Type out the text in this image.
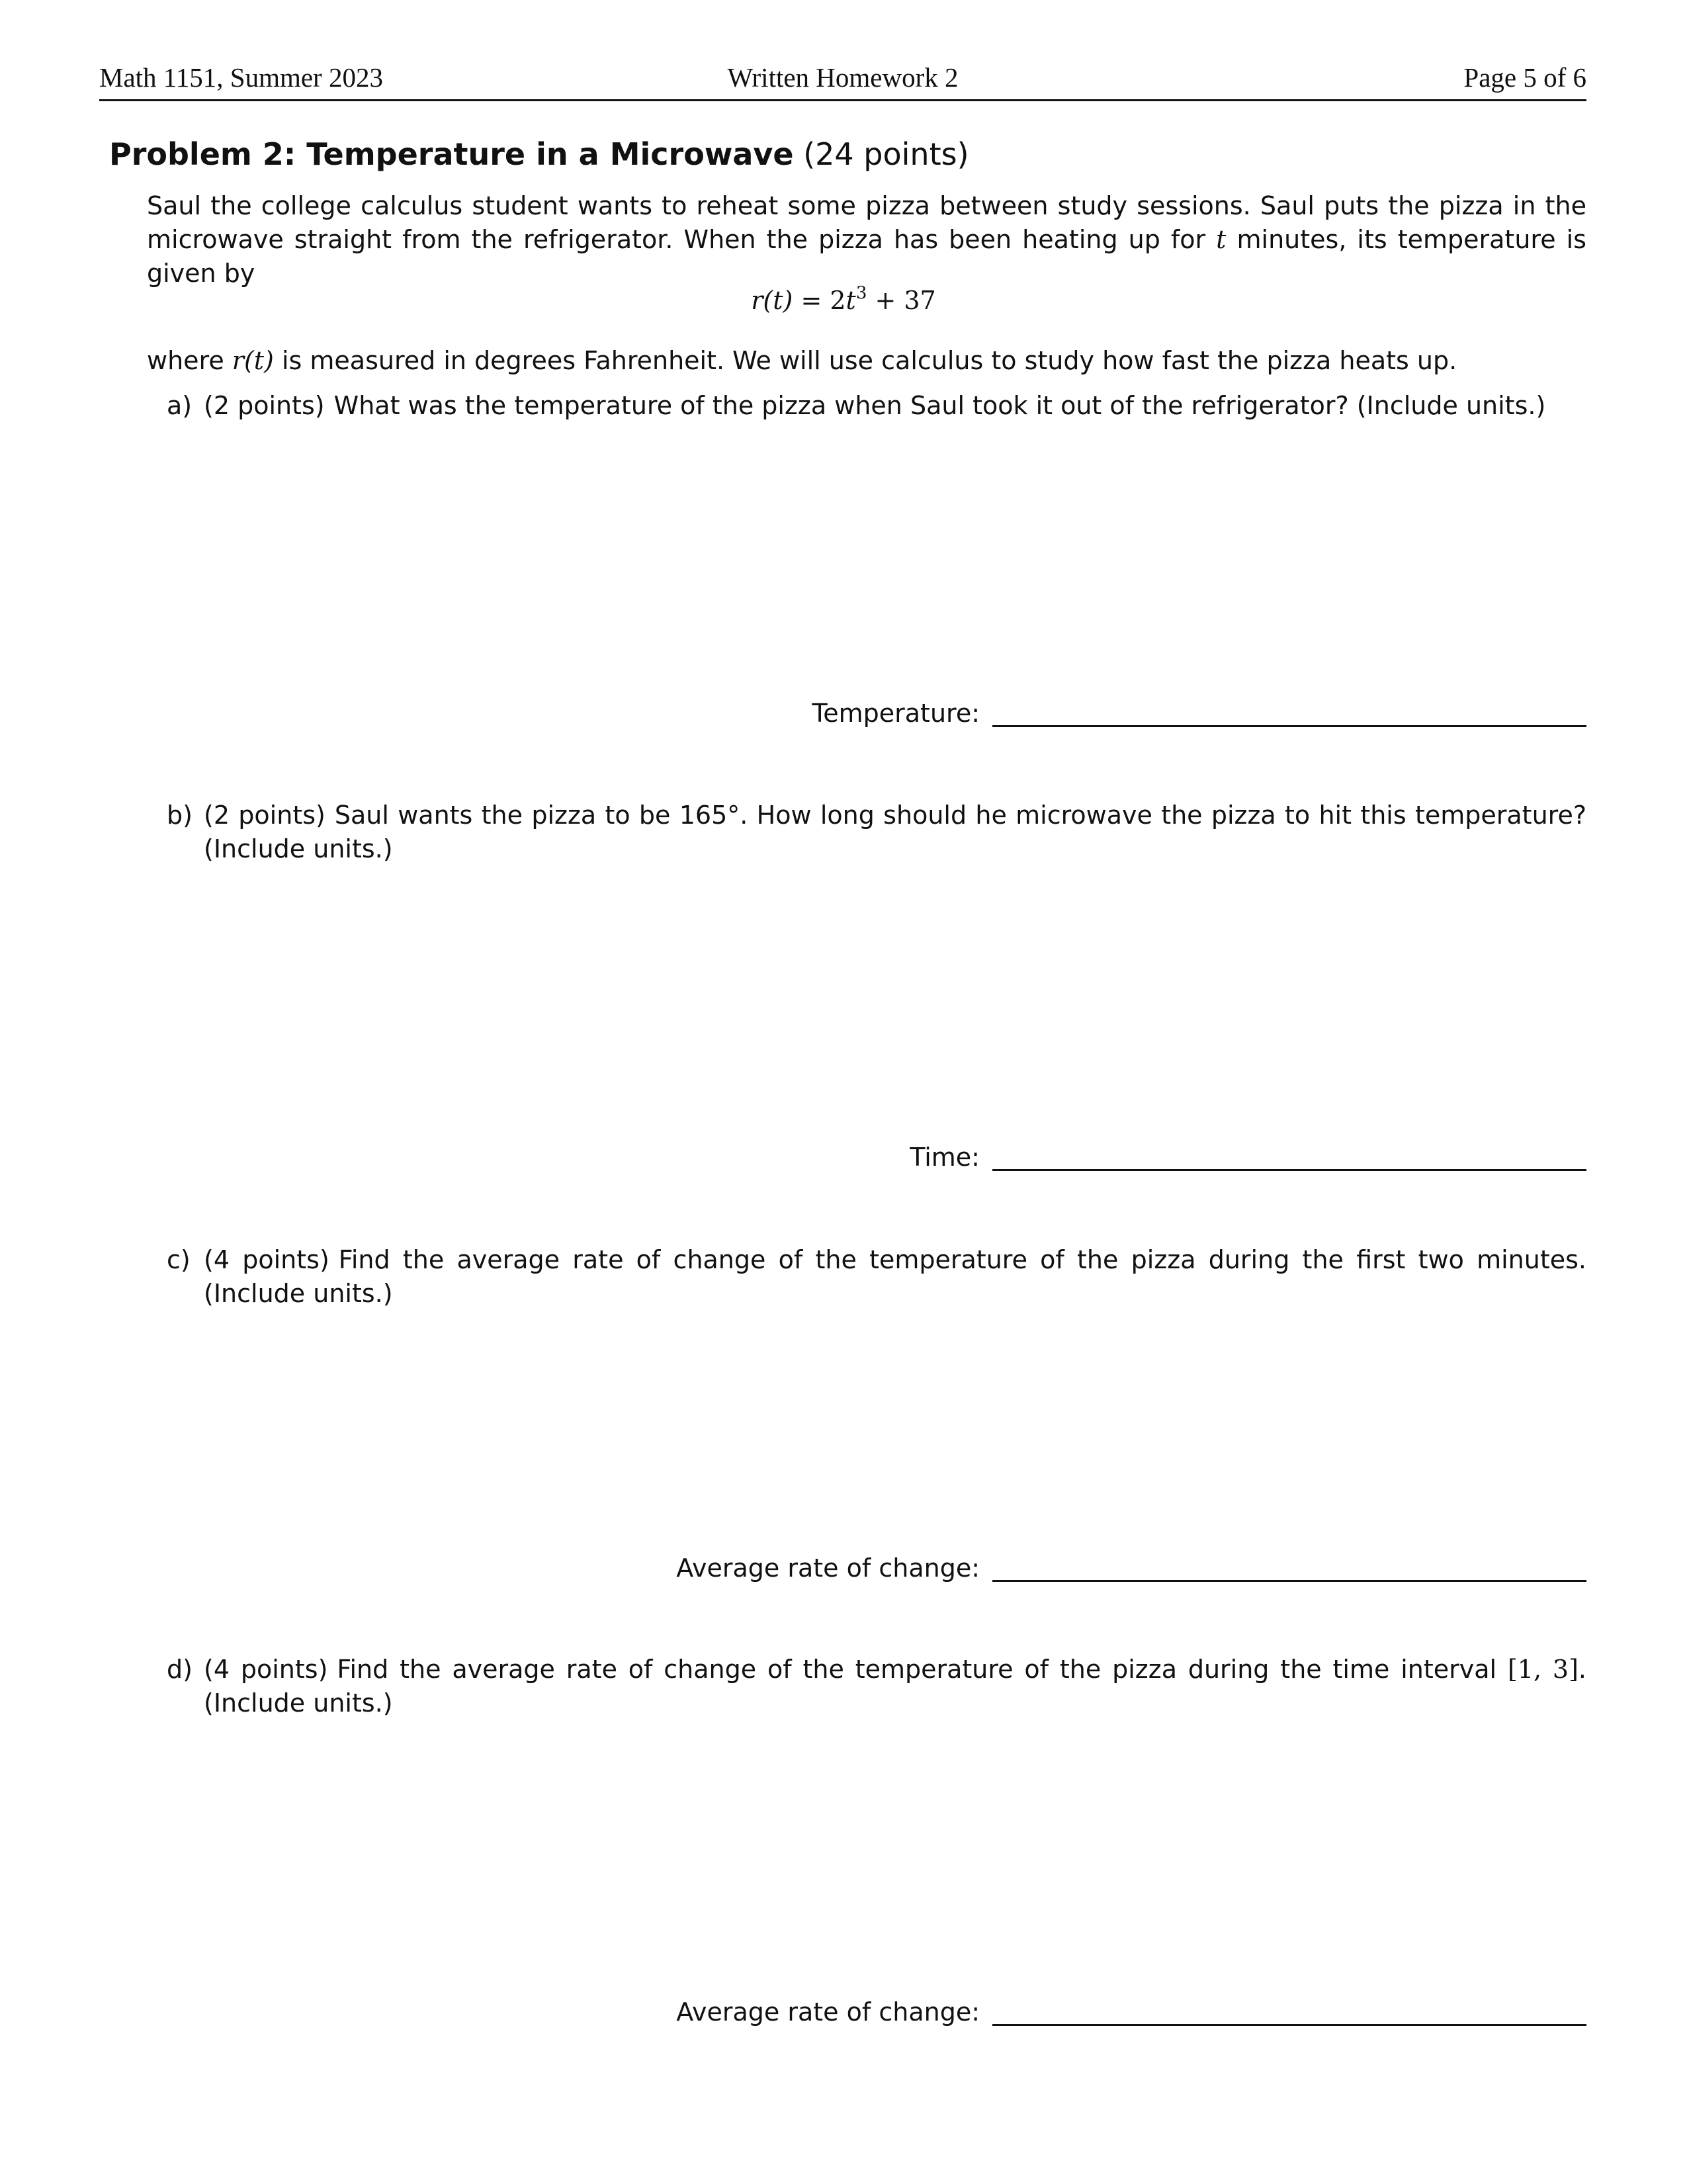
Math 1151, Summer 2023	Written Homework 2	Page 5 of 6
Problem 2: Temperature in a Microwave (24 points)
Saul the college calculus student wants to reheat some pizza between study sessions. Saul puts the pizza in the microwave straight from the refrigerator. When the pizza has been heating up for t minutes, its temperature is given by
$r(t) = 2t^3 + 37$
where r(t) is measured in degrees Fahrenheit. We will use calculus to study how fast the pizza heats up.
a) (2 points) What was the temperature of the pizza when Saul took it out of the refrigerator? (Include units.)
Temperature:
b) (2 points) Saul wants the pizza to be 165°. How long should he microwave the pizza to hit this temperature? (Include units.)
Time:
c) (4 points) Find the average rate of change of the temperature of the pizza during the first two minutes. (Include units.)
Average rate of change:
d) (4 points) Find the average rate of change of the temperature of the pizza during the time interval [1, 3]. (Include units.)
Average rate of change:
